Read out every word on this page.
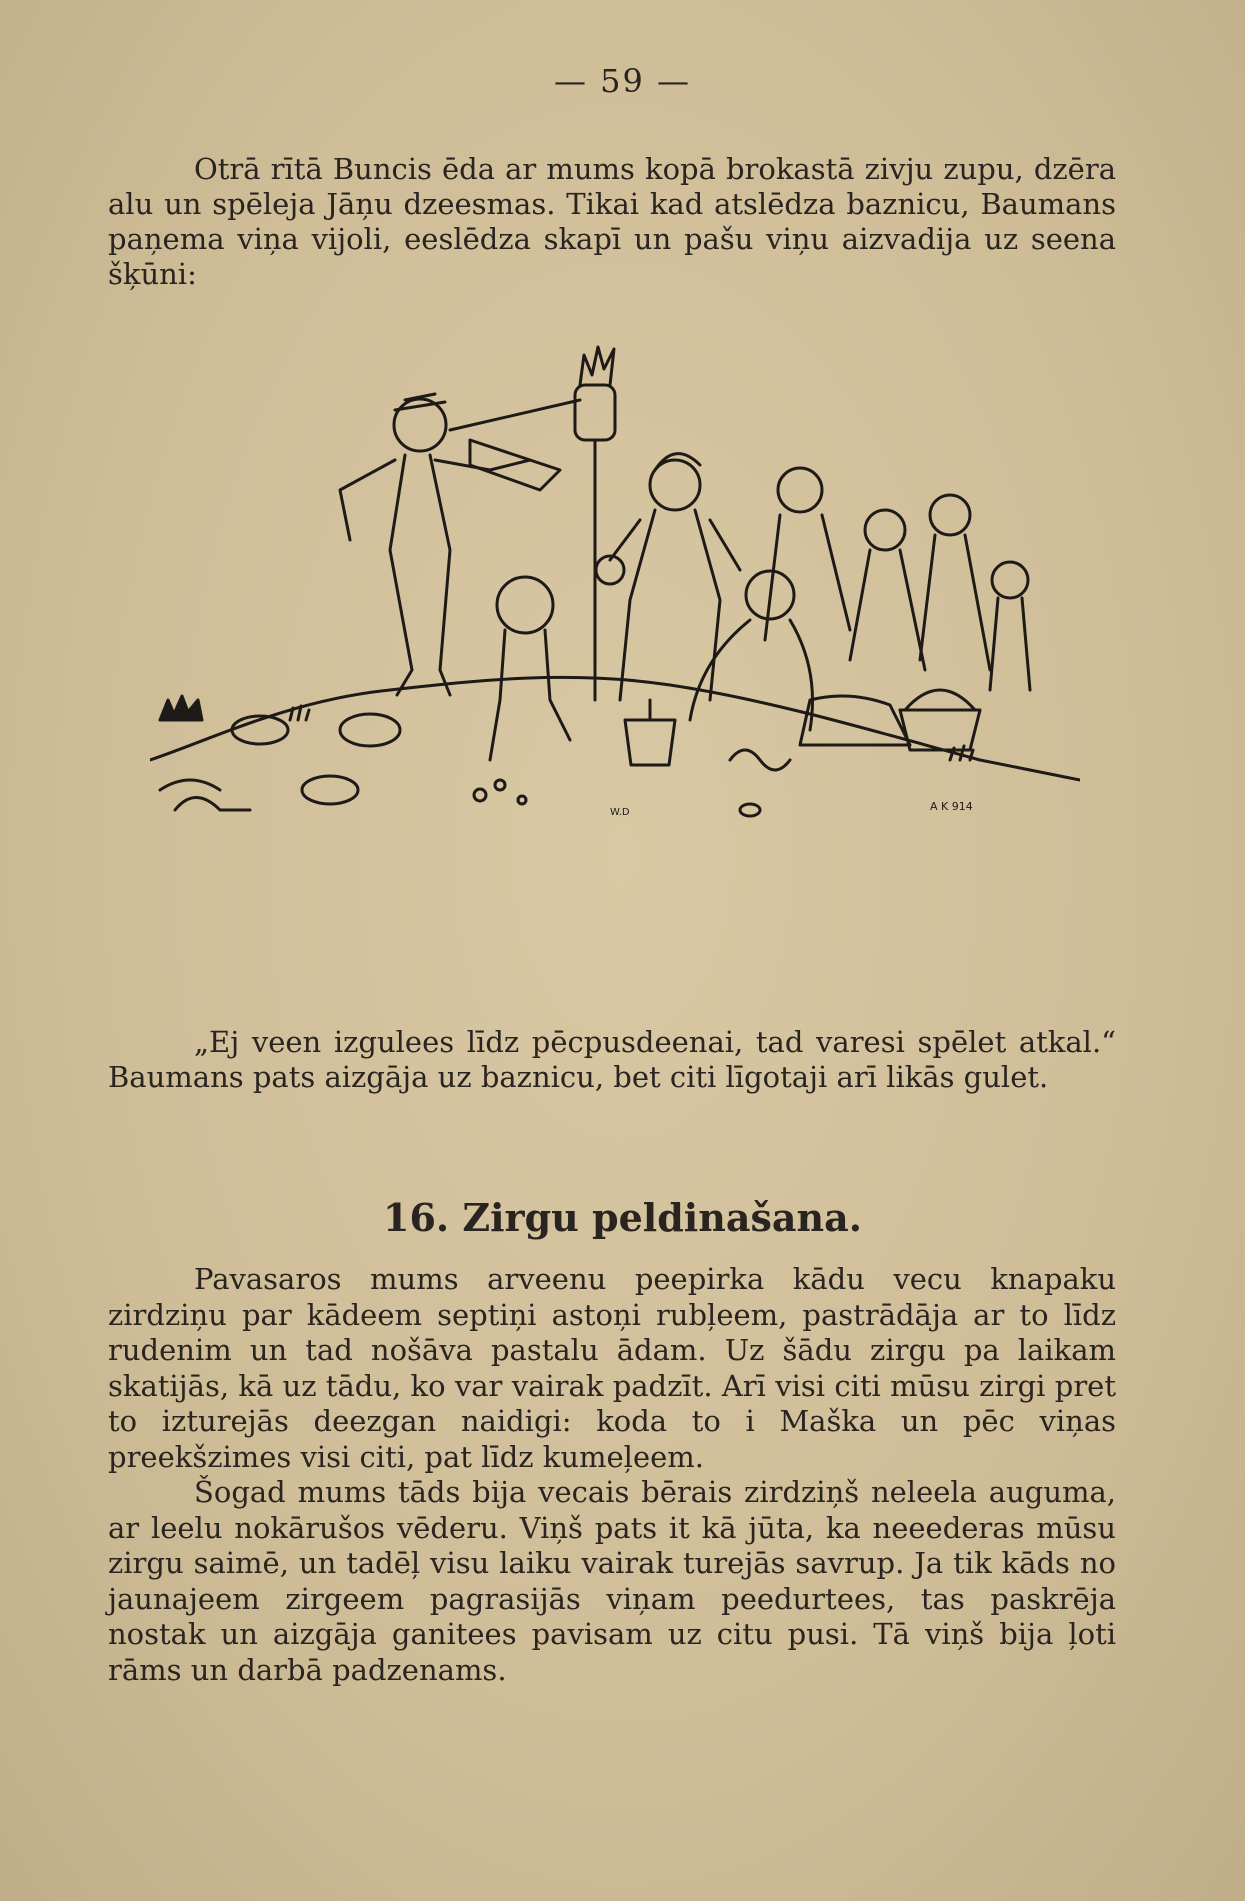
— 59 —

Otrā rītā Buncis ēda ar mums kopā brokastā zivju zupu, dzēra alu un spēleja Jāņu dzeesmas. Tikai kad atslēdza baznicu, Baumans paņema viņa vijoli, eeslēdza skapī un pašu viņu aizvadija uz seena šķūni:

A K 914
W.D

„Ej veen izgulees līdz pēcpusdeenai, tad varesi spēlet atkal.“ Baumans pats aizgāja uz baznicu, bet citi līgotaji arī likās gulet.

16. Zirgu peldinašana.

Pavasaros mums arveenu peepirka kādu vecu knapaku zirdziņu par kādeem septiņi astoņi rubļeem, pastrādāja ar to līdz rudenim un tad nošāva pastalu ādam. Uz šādu zirgu pa laikam skatijās, kā uz tādu, ko var vairak padzīt. Arī visi citi mūsu zirgi pret to izturejās deezgan naidigi: koda to i Maška un pēc viņas preekšzimes visi citi, pat līdz kumeļeem.

Šogad mums tāds bija vecais bērais zirdziņš neleela auguma, ar leelu nokārušos vēderu. Viņš pats it kā jūta, ka neeederas mūsu zirgu saimē, un tadēļ visu laiku vairak turejās savrup. Ja tik kāds no jaunajeem zirgeem pagrasijās viņam peedurtees, tas paskrēja nostak un aizgāja ganitees pavisam uz citu pusi. Tā viņš bija ļoti rāms un darbā padzenams.
